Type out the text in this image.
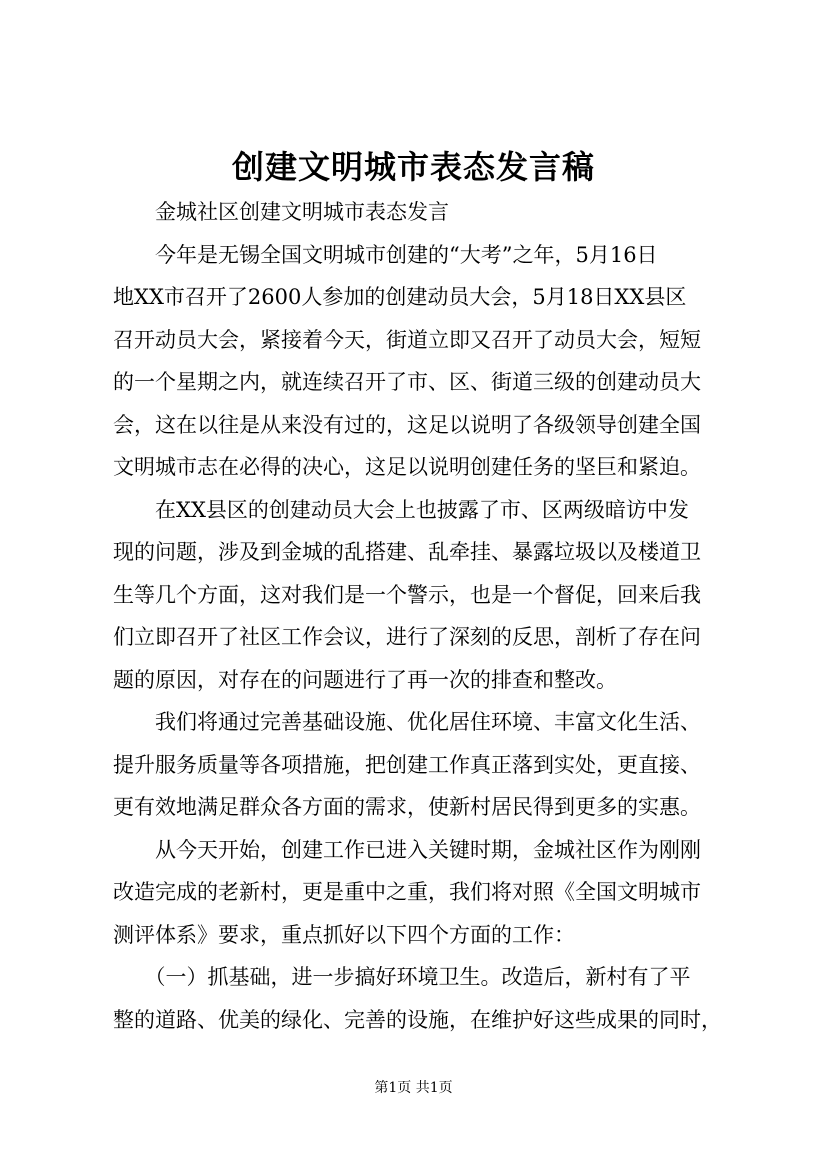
创建文明城市表态发言稿
　　金城社区创建文明城市表态发言
　　今年是无锡全国文明城市创建的“大考”之年，5月16日
地XX市召开了2600人参加的创建动员大会，5月18日XX县区
召开动员大会，紧接着今天，街道立即又召开了动员大会，短短
的一个星期之内，就连续召开了市、区、街道三级的创建动员大
会，这在以往是从来没有过的，这足以说明了各级领导创建全国
文明城市志在必得的决心，这足以说明创建任务的坚巨和紧迫。
　　在XX县区的创建动员大会上也披露了市、区两级暗访中发
现的问题，涉及到金城的乱搭建、乱牵挂、暴露垃圾以及楼道卫
生等几个方面，这对我们是一个警示，也是一个督促，回来后我
们立即召开了社区工作会议，进行了深刻的反思，剖析了存在问
题的原因，对存在的问题进行了再一次的排查和整改。
　　我们将通过完善基础设施、优化居住环境、丰富文化生活、
提升服务质量等各项措施，把创建工作真正落到实处，更直接、
更有效地满足群众各方面的需求，使新村居民得到更多的实惠。
　　从今天开始，创建工作已进入关键时期，金城社区作为刚刚
改造完成的老新村，更是重中之重，我们将对照《全国文明城市
测评体系》要求，重点抓好以下四个方面的工作：
　　（一）抓基础，进一步搞好环境卫生。改造后，新村有了平
整的道路、优美的绿化、完善的设施，在维护好这些成果的同时，
第1页 共1页
